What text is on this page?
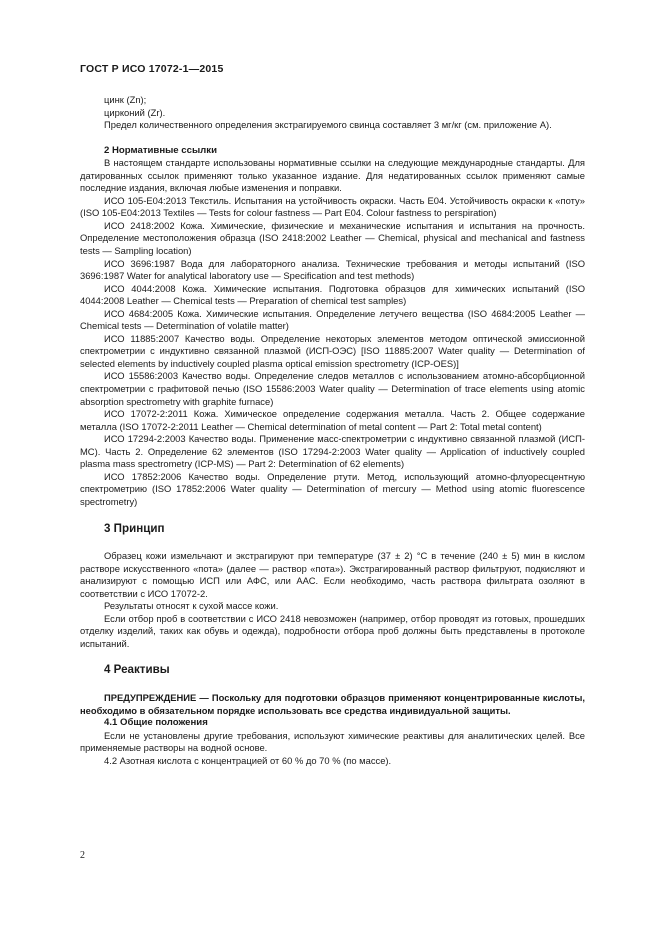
ГОСТ Р ИСО 17072-1—2015

цинк (Zn);

цирконий (Zr).

Предел количественного определения экстрагируемого свинца составляет 3 мг/кг (см. приложение А).

2 Нормативные ссылки

В настоящем стандарте использованы нормативные ссылки на следующие международные стандарты. Для датированных ссылок применяют только указанное издание. Для недатированных ссылок применяют самые последние издания, включая любые изменения и поправки.

ИСО 105-E04:2013 Текстиль. Испытания на устойчивость окраски. Часть E04. Устойчивость окраски к «поту» (ISO 105-E04:2013 Textiles — Tests for colour fastness — Part E04. Colour fastness to perspiration)

ИСО 2418:2002 Кожа. Химические, физические и механические испытания и испытания на прочность. Определение местоположения образца (ISO 2418:2002 Leather — Chemical, physical and mechanical and fastness tests — Sampling location)

ИСО 3696:1987 Вода для лабораторного анализа. Технические требования и методы испытаний (ISO 3696:1987 Water for analytical laboratory use — Specification and test methods)

ИСО 4044:2008 Кожа. Химические испытания. Подготовка образцов для химических испытаний (ISO 4044:2008 Leather — Chemical tests — Preparation of chemical test samples)

ИСО 4684:2005 Кожа. Химические испытания. Определение летучего вещества (ISO 4684:2005 Leather — Chemical tests — Determination of volatile matter)

ИСО 11885:2007 Качество воды. Определение некоторых элементов методом оптической эмиссионной спектрометрии с индуктивно связанной плазмой (ИСП-ОЭС) [ISO 11885:2007 Water quality — Determination of selected elements by inductively coupled plasma optical emission spectrometry (ICP-OES)]

ИСО 15586:2003 Качество воды. Определение следов металлов с использованием атомно-абсорбционной спектрометрии с графитовой печью (ISO 15586:2003 Water quality — Determination of trace elements using atomic absorption spectrometry with graphite furnace)

ИСО 17072-2:2011 Кожа. Химическое определение содержания металла. Часть 2. Общее содержание металла (ISO 17072-2:2011 Leather — Chemical determination of metal content — Part 2: Total metal content)

ИСО 17294-2:2003 Качество воды. Применение масс-спектрометрии с индуктивно связанной плазмой (ИСП-МС). Часть 2. Определение 62 элементов (ISO 17294-2:2003 Water quality — Application of inductively coupled plasma mass spectrometry (ICP-MS) — Part 2: Determination of 62 elements)

ИСО 17852:2006 Качество воды. Определение ртути. Метод, использующий атомно-флуоресцентную спектрометрию (ISO 17852:2006 Water quality — Determination of mercury — Method using atomic fluorescence spectrometry)

3 Принцип

Образец кожи измельчают и экстрагируют при температуре (37 ± 2) °С в течение (240 ± 5) мин в кислом растворе искусственного «пота» (далее — раствор «пота»). Экстрагированный раствор фильтруют, подкисляют и анализируют с помощью ИСП или АФС, или ААС. Если необходимо, часть раствора фильтрата озоляют в соответствии с ИСО 17072-2.

Результаты относят к сухой массе кожи.

Если отбор проб в соответствии с ИСО 2418 невозможен (например, отбор проводят из готовых, прошедших отделку изделий, таких как обувь и одежда), подробности отбора проб должны быть представлены в протоколе испытаний.

4 Реактивы

ПРЕДУПРЕЖДЕНИЕ — Поскольку для подготовки образцов применяют концентрированные кислоты, необходимо в обязательном порядке использовать все средства индивидуальной защиты.

4.1 Общие положения

Если не установлены другие требования, используют химические реактивы для аналитических целей. Все применяемые растворы на водной основе.

4.2 Азотная кислота с концентрацией от 60 % до 70 % (по массе).

2
